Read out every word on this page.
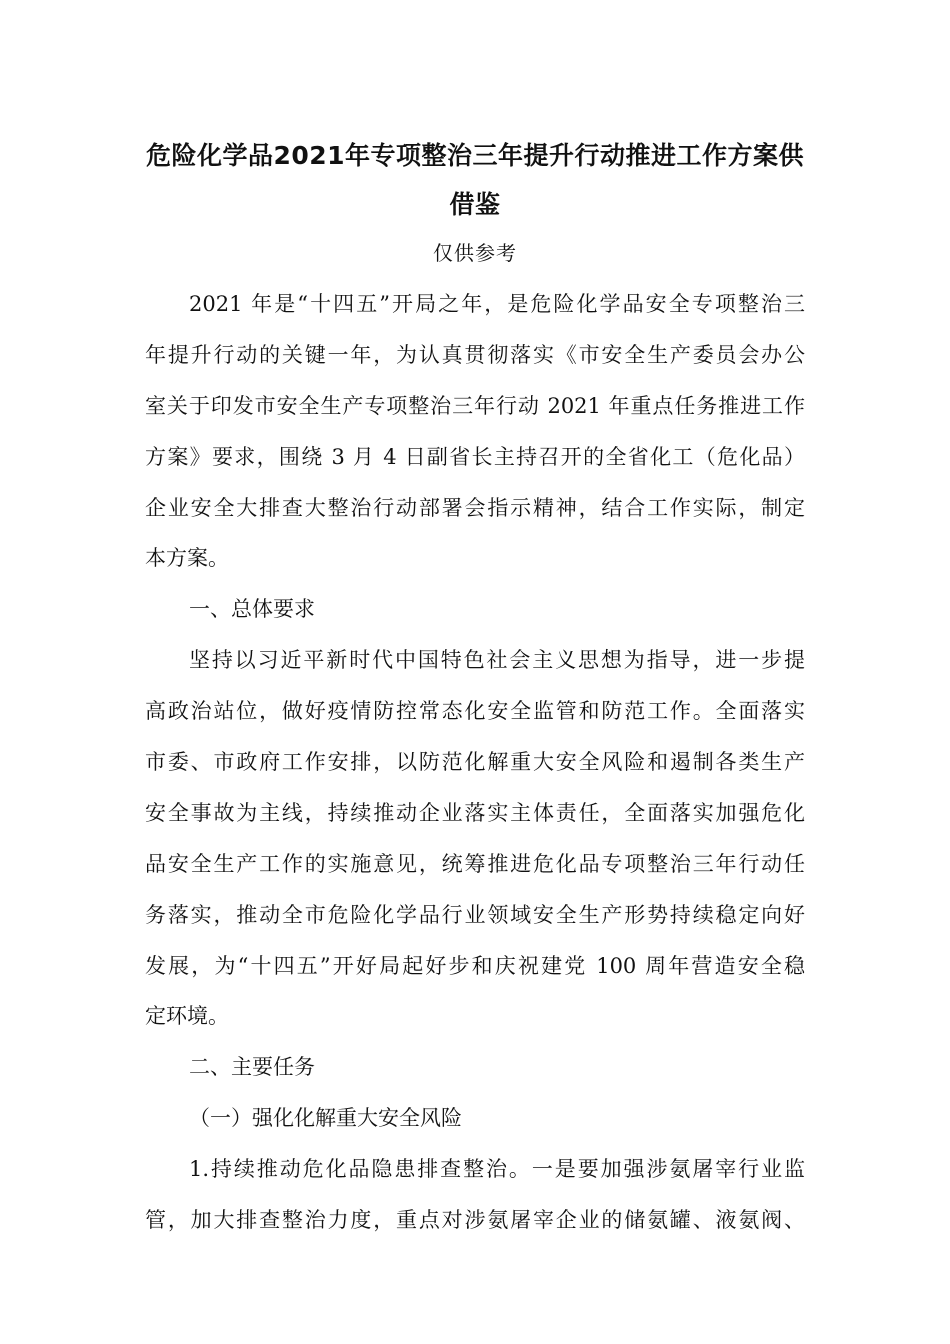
危险化学品2021年专项整治三年提升行动推进工作方案供
借鉴
仅供参考
2021 年是“十四五”开局之年，是危险化学品安全专项整治三
年提升行动的关键一年，为认真贯彻落实《市安全生产委员会办公
室关于印发市安全生产专项整治三年行动 2021 年重点任务推进工作
方案》要求，围绕 3 月 4 日副省长主持召开的全省化工（危化品）
企业安全大排查大整治行动部署会指示精神，结合工作实际，制定
本方案。
一、总体要求
坚持以习近平新时代中国特色社会主义思想为指导，进一步提
高政治站位，做好疫情防控常态化安全监管和防范工作。全面落实
市委、市政府工作安排，以防范化解重大安全风险和遏制各类生产
安全事故为主线，持续推动企业落实主体责任，全面落实加强危化
品安全生产工作的实施意见，统筹推进危化品专项整治三年行动任
务落实，推动全市危险化学品行业领域安全生产形势持续稳定向好
发展，为“十四五”开好局起好步和庆祝建党 100 周年营造安全稳
定环境。
二、主要任务
（一）强化化解重大安全风险
1.持续推动危化品隐患排查整治。一是要加强涉氨屠宰行业监
管，加大排查整治力度，重点对涉氨屠宰企业的储氨罐、液氨阀、
